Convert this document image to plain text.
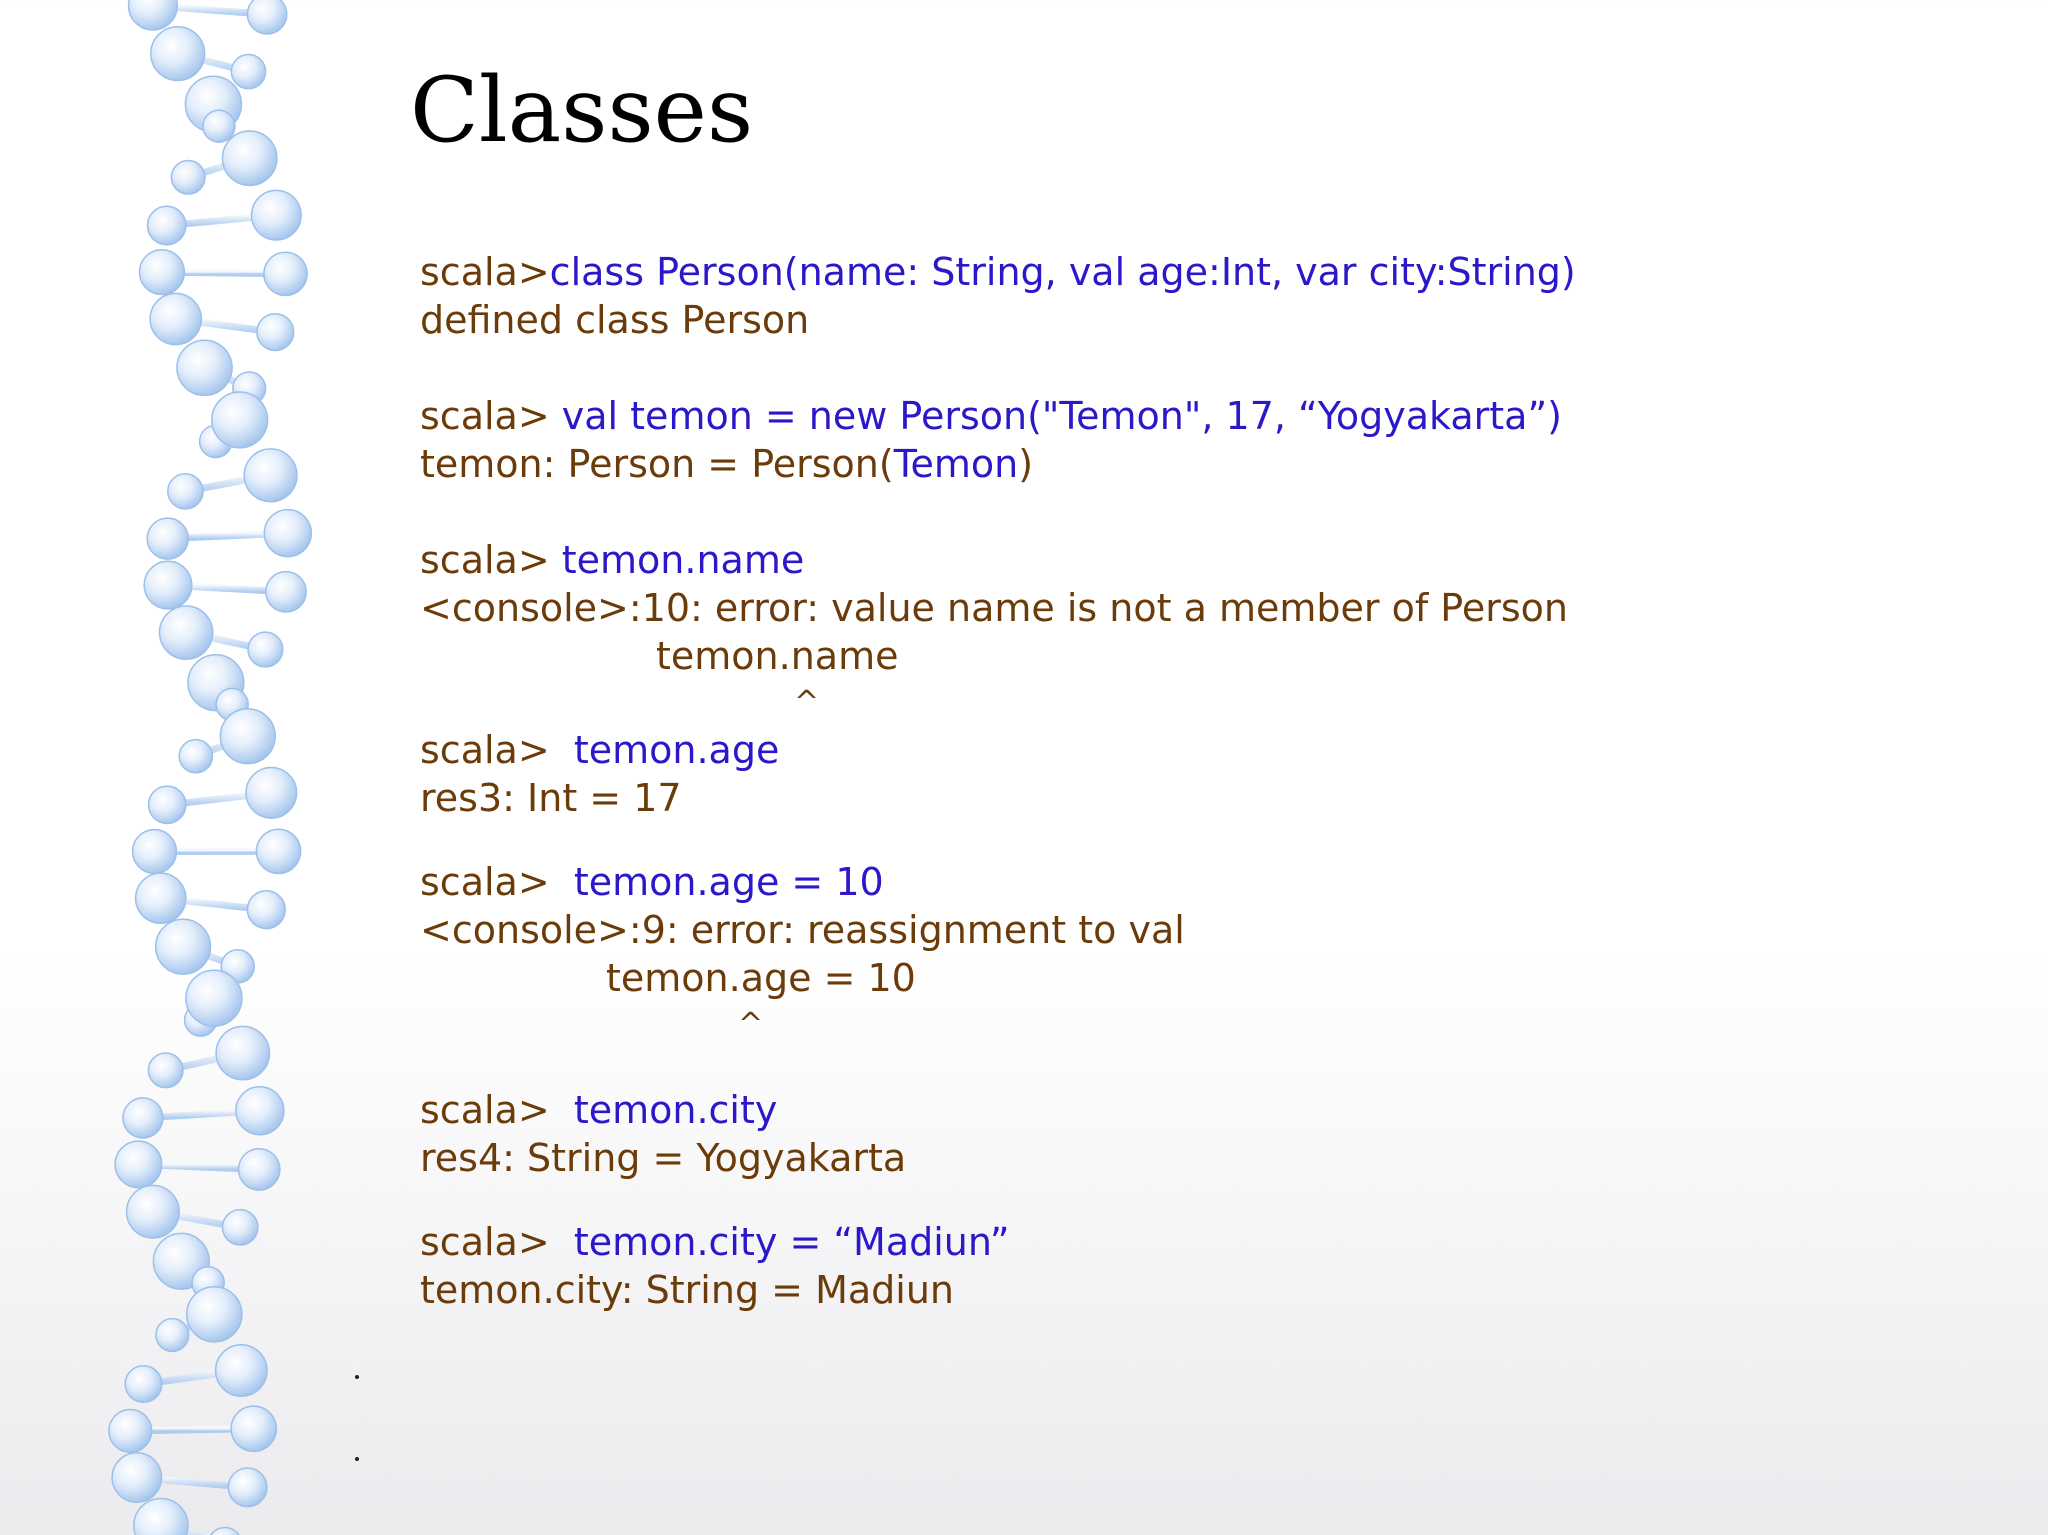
Classes
scala>class Person(name: String, val age:Int, var city:String)
defined class Person
scala> val temon = new Person("Temon", 17, “Yogyakarta”)
temon: Person = Person(Temon)
scala> temon.name
<console>:10: error: value name is not a member of Person
temon.name
^
scala>  temon.age
res3: Int = 17
scala>  temon.age = 10
<console>:9: error: reassignment to val
temon.age = 10
^
scala>  temon.city
res4: String = Yogyakarta
scala>  temon.city = “Madiun”
temon.city: String = Madiun
